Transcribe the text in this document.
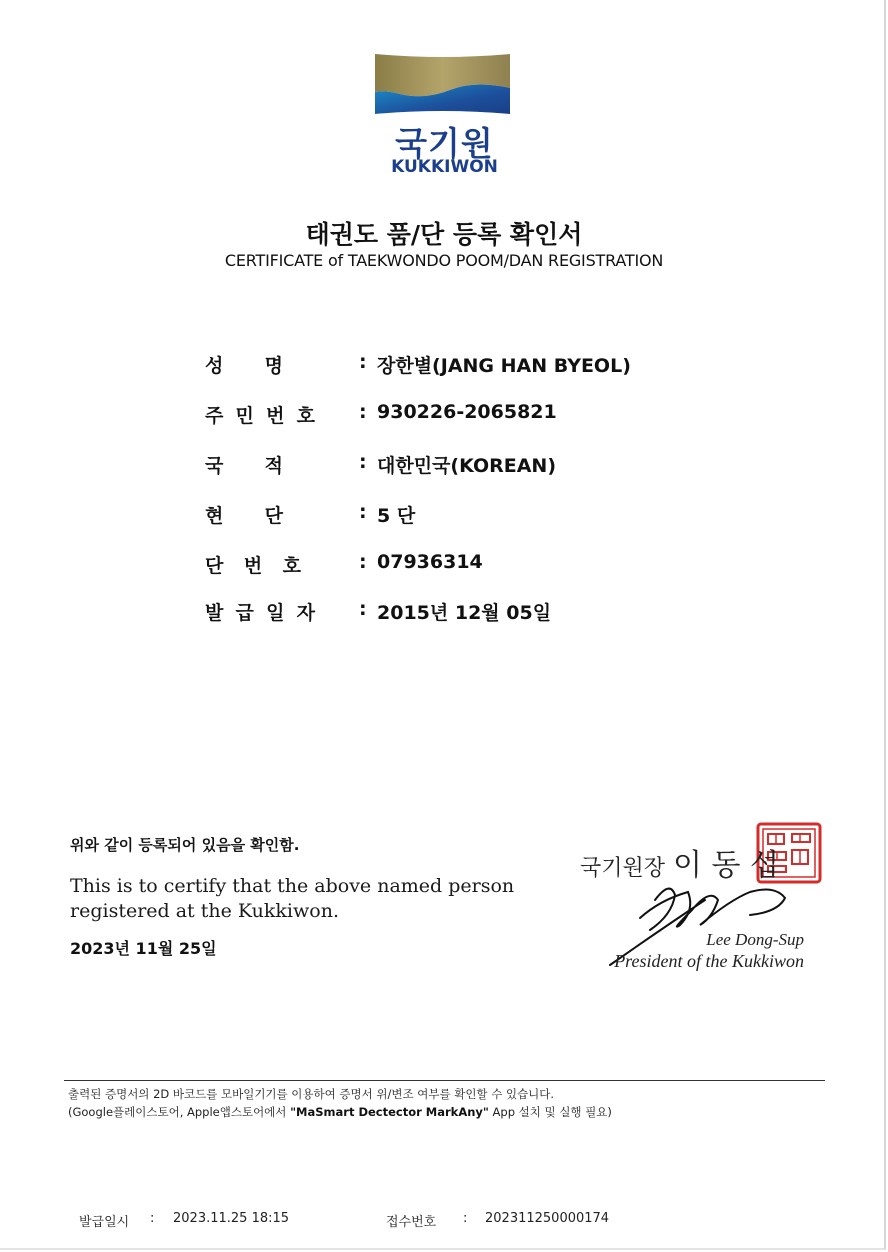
국기원
KUKKIWON
태권도 품/단 등록 확인서
CERTIFICATE of TAEKWONDO POOM/DAN REGISTRATION
성 명	: 장한별(JANG HAN BYEOL)
주 민 번 호 : 930226-2065821
국 적	: 대한민국(KOREAN)
현 단	: 5 단
단 번 호	: 07936314
발 급 일 자 : 2015년 12월 05일
위와 같이 등록되어 있음을 확인함.
This is to certify that the above named person
registered at the Kukkiwon.
2023년 11월 25일
국기원장 이 동 섭
Lee Dong-Sup
President of the Kukkiwon
출력된 증명서의 2D 바코드를 모바일기기를 이용하여 증명서 위/변조 여부를 확인할 수 있습니다.
(Google플레이스토어, Apple앱스토어에서 "MaSmart Dectector MarkAny" App 설치 및 실행 필요)
발급일시 : 2023.11.25 18:15	접수번호 : 202311250000174
